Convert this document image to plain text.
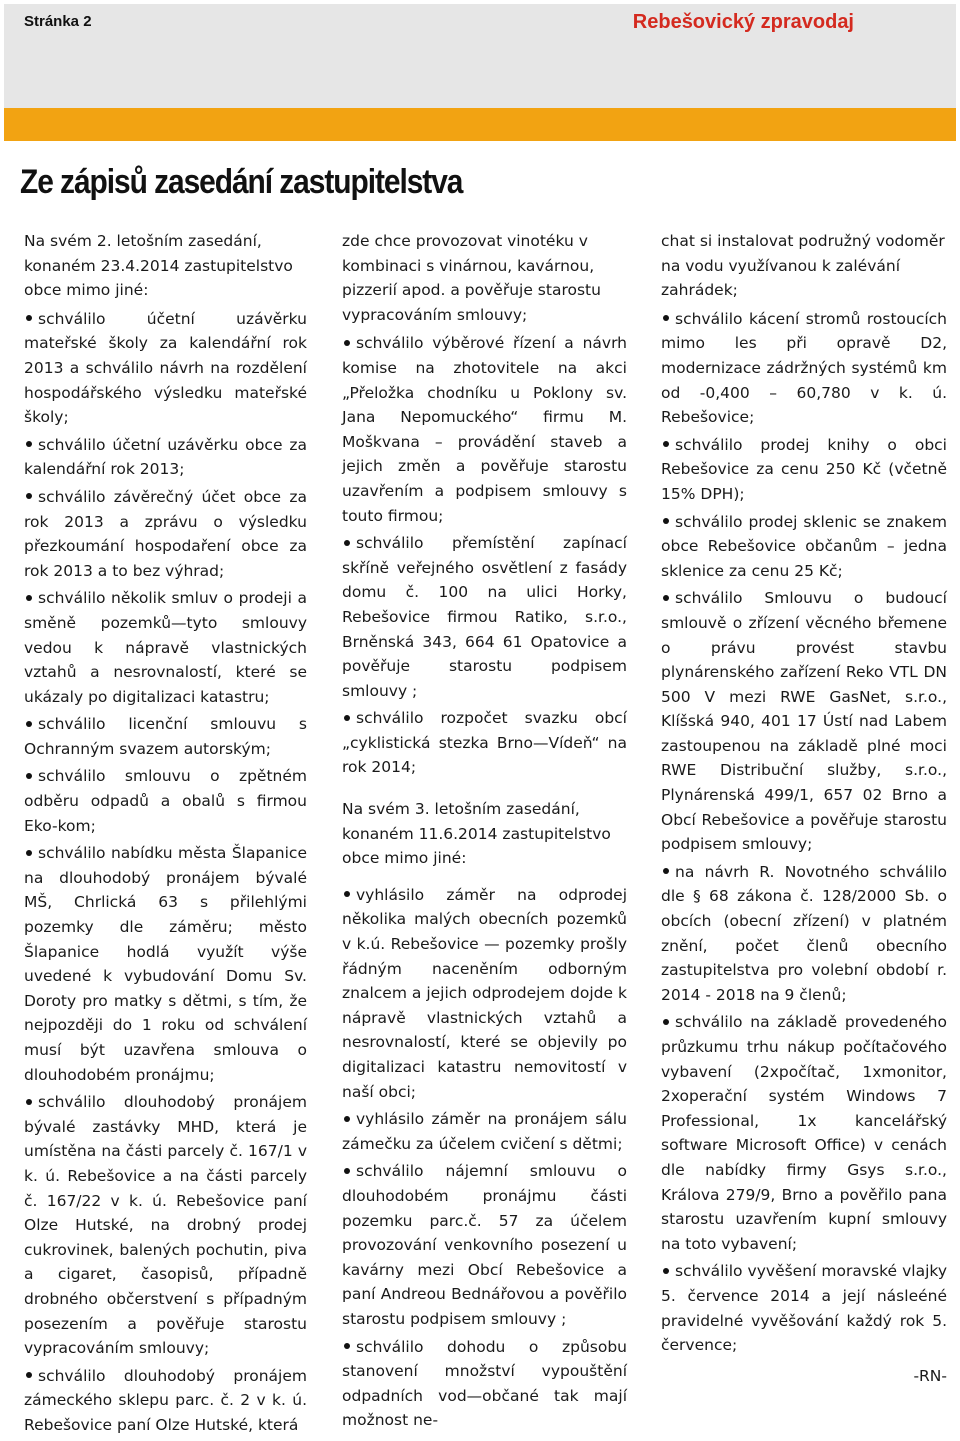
Stránka 2	Rebešovický zpravodaj
Ze zápisů zasedání zastupitelstva

Na svém 2. letošním zasedání, konaném 23.4.2014 zastupitelstvo obce mimo jiné:

schválilo účetní uzávěrku mateřské školy za kalendářní rok 2013 a schválilo návrh na rozdělení hospodářského výsledku mateřské školy;
schválilo účetní uzávěrku obce za kalendářní rok 2013;
schválilo závěrečný účet obce za rok 2013 a zprávu o výsledku přezkoumání hospodaření obce za rok 2013 a to bez výhrad;
schválilo několik smluv o prodeji a směně pozemků—tyto smlouvy vedou k nápravě vlastnických vztahů a nesrovnalostí, které se ukázaly po digitalizaci katastru;
schválilo licenční smlouvu s Ochranným svazem autorským;
schválilo smlouvu o zpětném odběru odpadů a obalů s firmou Eko-kom;
schválilo nabídku města Šlapanice na dlouhodobý pronájem bývalé MŠ, Chrlická 63 s přilehlými pozemky dle záměru; město Šlapanice hodlá využít výše uvedené k vybudování Domu Sv. Doroty pro matky s dětmi, s tím, že nejpozději do 1 roku od schválení musí být uzavřena smlouva o dlouhodobém pronájmu;
schválilo dlouhodobý pronájem bývalé zastávky MHD, která je umístěna na části parcely č. 167/1 v k. ú. Rebešovice a na části parcely č. 167/22 v k. ú. Rebešovice paní Olze Hutské, na drobný prodej cukrovinek, balených pochutin, piva a cigaret, časopisů, případně drobného občerstvení s případným posezením a pověřuje starostu vypracováním smlouvy;
schválilo dlouhodobý pronájem zámeckého sklepu parc. č. 2 v k. ú. Rebešovice paní Olze Hutské, která

zde chce provozovat vinotéku v kombinaci s vinárnou, kavárnou, pizzerií apod. a pověřuje starostu vypracováním smlouvy;

schválilo výběrové řízení a návrh komise na zhotovitele na akci „Přeložka chodníku u Poklony sv. Jana Nepomuckého“ firmu M. Moškvana – provádění staveb a jejich změn a pověřuje starostu uzavřením a podpisem smlouvy s touto firmou;
schválilo přemístění zapínací skříně veřejného osvětlení z fasády domu č. 100 na ulici Horky, Rebešovice firmou Ratiko, s.r.o., Brněnská 343, 664 61 Opatovice a pověřuje starostu podpisem smlouvy ;
schválilo rozpočet svazku obcí „cyklistická stezka Brno—Vídeň“ na rok 2014;

Na svém 3. letošním zasedání, konaném 11.6.2014 zastupitelstvo obce mimo jiné:

vyhlásilo záměr na odprodej několika malých obecních pozemků v k.ú. Rebešovice — pozemky prošly řádným naceněním odborným znalcem a jejich odprodejem dojde k nápravě vlastnických vztahů a nesrovnalostí, které se objevily po digitalizaci katastru nemovitostí v naší obci;
vyhlásilo záměr na pronájem sálu zámečku za účelem cvičení s dětmi;
schválilo nájemní smlouvu o dlouhodobém pronájmu části pozemku parc.č. 57 za účelem provozování venkovního posezení u kavárny mezi Obcí Rebešovice a paní Andreou Bednářovou a pověřilo starostu podpisem smlouvy ;
schválilo dohodu o způsobu stanovení množství vypouštění odpadních vod—občané tak mají možnost ne-

chat si instalovat podružný vodoměr na vodu využívanou k zalévání zahrádek;

schválilo kácení stromů rostoucích mimo les při opravě D2, modernizace zádržných systémů km od -0,400 – 60,780 v k. ú. Rebešovice;
schválilo prodej knihy o obci Rebešovice za cenu 250 Kč (včetně 15% DPH);
schválilo prodej sklenic se znakem obce Rebešovice občanům – jedna sklenice za cenu 25 Kč;
schválilo Smlouvu o budoucí smlouvě o zřízení věcného břemene o právu provést stavbu plynárenského zařízení Reko VTL DN 500 V mezi RWE GasNet, s.r.o., Klíšská 940, 401 17 Ústí nad Labem zastoupenou na základě plné moci RWE Distribuční služby, s.r.o., Plynárenská 499/1, 657 02 Brno a Obcí Rebešovice a pověřuje starostu podpisem smlouvy;
na návrh R. Novotného schválilo dle § 68 zákona č. 128/2000 Sb. o obcích (obecní zřízení) v platném znění, počet členů obecního zastupitelstva pro volební období r. 2014 - 2018 na 9 členů;
schválilo na základě provedeného průzkumu trhu nákup počítačového vybavení (2xpočítač, 1xmonitor, 2xoperační systém Windows 7 Professional, 1x kancelářský software Microsoft Office) v cenách dle nabídky firmy Gsys s.r.o., Králova 279/9, Brno a pověřilo pana starostu uzavřením kupní smlouvy na toto vybavení;
schválilo vyvěšení moravské vlajky 5. července 2014 a její násleéné pravidelné vyvěšování každý rok 5. července;
-RN-
